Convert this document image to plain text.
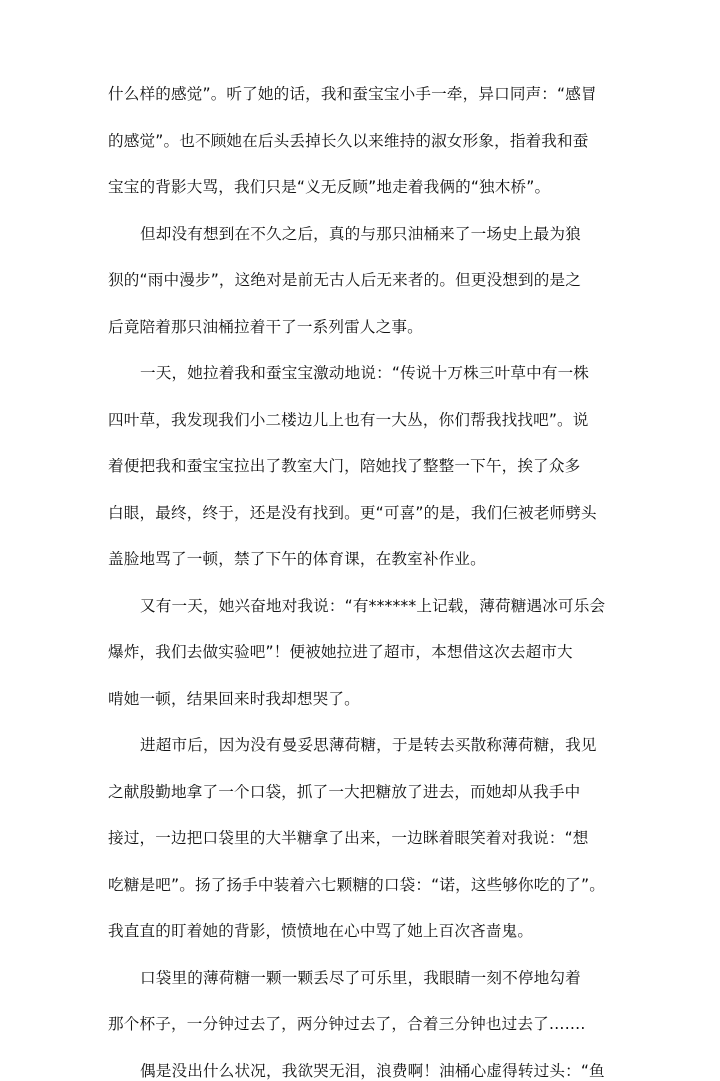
什么样的感觉”。听了她的话，我和蚕宝宝小手一牵，异口同声：“感冒
的感觉”。也不顾她在后头丢掉长久以来维持的淑女形象，指着我和蚕
宝宝的背影大骂，我们只是“义无反顾”地走着我俩的“独木桥”。
但却没有想到在不久之后，真的与那只油桶来了一场史上最为狼
狈的“雨中漫步”，这绝对是前无古人后无来者的。但更没想到的是之
后竟陪着那只油桶拉着干了一系列雷人之事。
一天，她拉着我和蚕宝宝激动地说：“传说十万株三叶草中有一株
四叶草，我发现我们小二楼边儿上也有一大丛，你们帮我找找吧”。说
着便把我和蚕宝宝拉出了教室大门，陪她找了整整一下午，挨了众多
白眼，最终，终于，还是没有找到。更“可喜”的是，我们仨被老师劈头
盖脸地骂了一顿，禁了下午的体育课，在教室补作业。
又有一天，她兴奋地对我说：“有******上记载，薄荷糖遇冰可乐会
爆炸，我们去做实验吧”！便被她拉进了超市，本想借这次去超市大
啃她一顿，结果回来时我却想哭了。
进超市后，因为没有曼妥思薄荷糖，于是转去买散称薄荷糖，我见
之献殷勤地拿了一个口袋，抓了一大把糖放了进去，而她却从我手中
接过，一边把口袋里的大半糖拿了出来，一边眯着眼笑着对我说：“想
吃糖是吧”。扬了扬手中装着六七颗糖的口袋：“诺，这些够你吃的了”。
我直直的盯着她的背影，愤愤地在心中骂了她上百次吝啬鬼。
口袋里的薄荷糖一颗一颗丢尽了可乐里，我眼睛一刻不停地勾着
那个杯子，一分钟过去了，两分钟过去了，合着三分钟也过去了…….
偶是没出什么状况，我欲哭无泪，浪费啊！油桶心虚得转过头：“鱼
